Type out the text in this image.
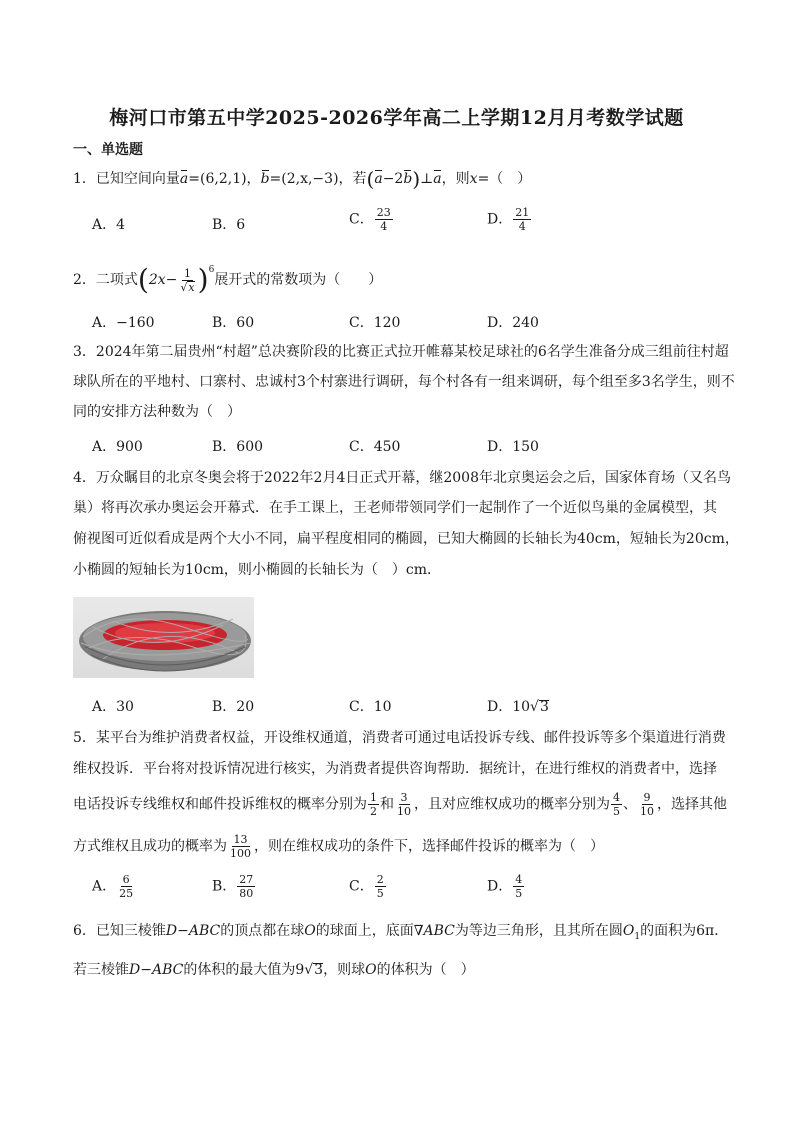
梅河口市第五中学2025-2026学年高二上学期12月月考数学试题
一、单选题
1．已知空间向量a=(6,2,1)，b=(2,x,−3)，若(a−2b)⊥a，则x=（　）
A．4	B．6	C． $\frac{23}{4}$	D． $\frac{21}{4}$
2．二项式$(2x- \frac{1}{√x} )^6$展开式的常数项为（　　）
A．−160	B．60	C．120	D．240
3．2024年第二届贵州“村超”总决赛阶段的比赛正式拉开帷幕某校足球社的6名学生准备分成三组前往村超
球队所在的平地村、口寨村、忠诚村3个村寨进行调研，每个村各有一组来调研，每个组至多3名学生，则不
同的安排方法种数为（　）
A．900	B．600	C．450	D．150
4．万众瞩目的北京冬奥会将于2022年2月4日正式开幕，继2008年北京奥运会之后，国家体育场（又名鸟
巢）将再次承办奥运会开幕式．在手工课上，王老师带领同学们一起制作了一个近似鸟巢的金属模型，其
俯视图可近似看成是两个大小不同，扁平程度相同的椭圆，已知大椭圆的长轴长为40cm，短轴长为20cm，
小椭圆的短轴长为10cm，则小椭圆的长轴长为（　）cm．
A．30	B．20	C．10	D．10√3
5．某平台为维护消费者权益，开设维权通道，消费者可通过电话投诉专线、邮件投诉等多个渠道进行消费
维权投诉．平台将对投诉情况进行核实，为消费者提供咨询帮助．据统计，在进行维权的消费者中，选择
电话投诉专线维权和邮件投诉维权的概率分别为 $\frac{1}{2}$ 和 $\frac{3}{10}$ ，且对应维权成功的概率分别为 $\frac{4}{5}$ 、 $\frac{9}{10}$ ，选择其他
方式维权且成功的概率为 $\frac{13}{100}$ ，则在维权成功的条件下，选择邮件投诉的概率为（　）
A． $\frac{6}{25}$	B． $\frac{27}{80}$	C． $\frac{2}{5}$	D． $\frac{4}{5}$
6．已知三棱锥D−ABC的顶点都在球O的球面上，底面∇ABC为等边三角形，且其所在圆$O_1$的面积为6π．
若三棱锥D−ABC的体积的最大值为9√3，则球O的体积为（　）
